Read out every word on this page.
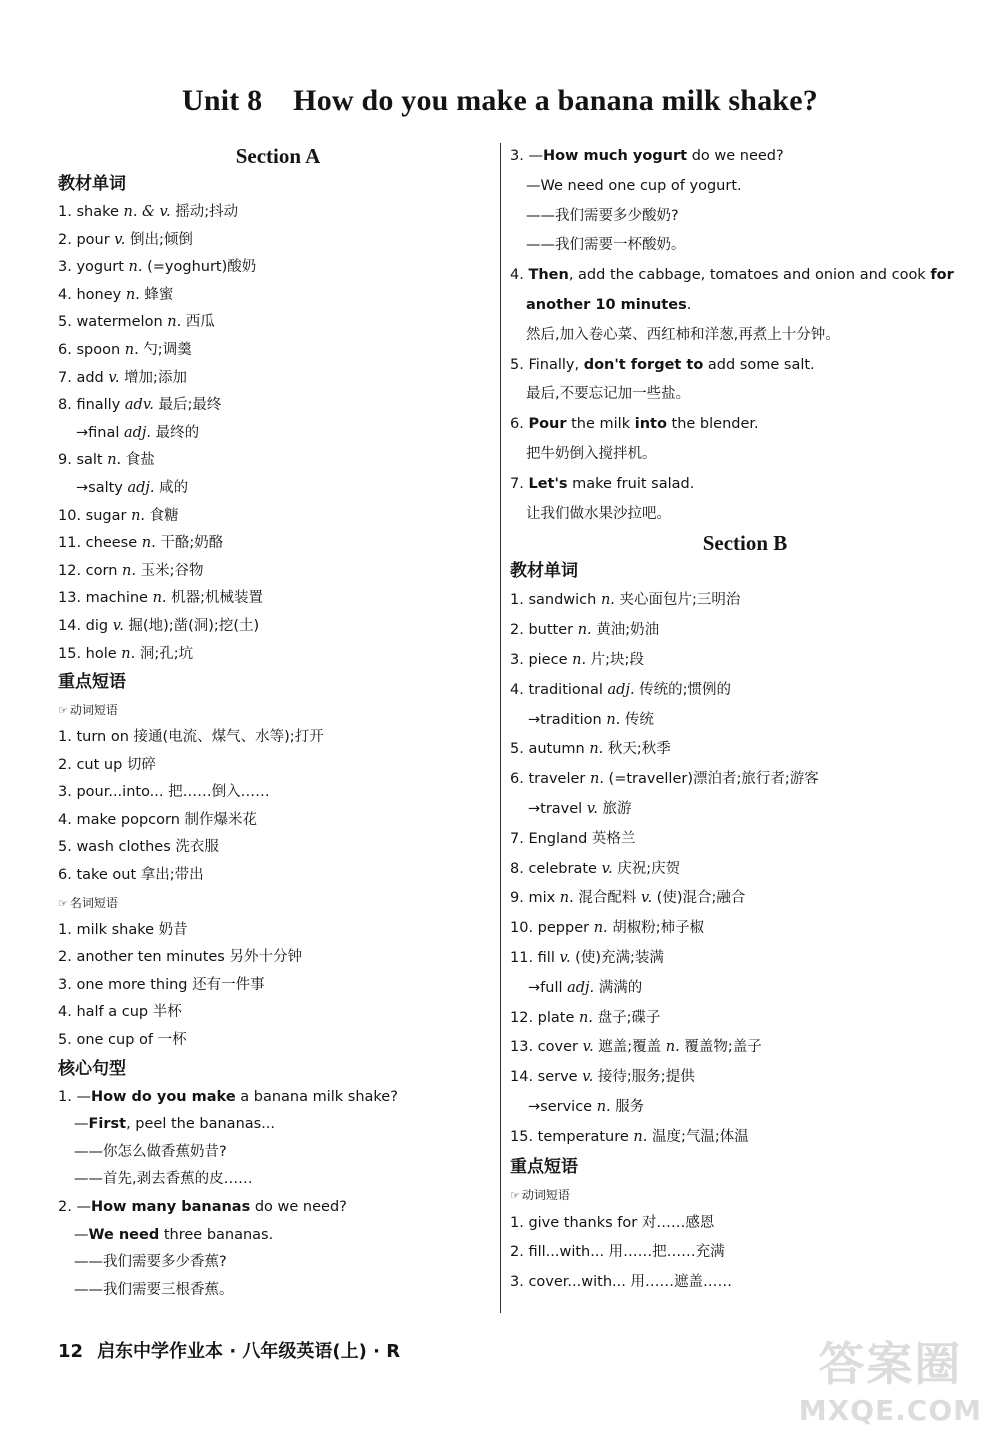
Unit 8    How do you make a banana milk shake?

Section A

教材单词

1. shake n. & v. 摇动;抖动

2. pour v. 倒出;倾倒

3. yogurt n. (=yoghurt)酸奶

4. honey n. 蜂蜜

5. watermelon n. 西瓜

6. spoon n. 勺;调羹

7. add v. 增加;添加

8. finally adv. 最后;最终

→final adj. 最终的

9. salt n. 食盐

→salty adj. 咸的

10. sugar n. 食糖

11. cheese n. 干酪;奶酪

12. corn n. 玉米;谷物

13. machine n. 机器;机械装置

14. dig v. 掘(地);凿(洞);挖(土)

15. hole n. 洞;孔;坑

重点短语

☞ 动词短语

1. turn on 接通(电流、煤气、水等);打开

2. cut up 切碎

3. pour...into... 把……倒入……

4. make popcorn 制作爆米花

5. wash clothes 洗衣服

6. take out 拿出;带出

☞ 名词短语

1. milk shake 奶昔

2. another ten minutes 另外十分钟

3. one more thing 还有一件事

4. half a cup 半杯

5. one cup of 一杯

核心句型

1. —How do you make a banana milk shake?

—First, peel the bananas...

——你怎么做香蕉奶昔?

——首先,剥去香蕉的皮……

2. —How many bananas do we need?

—We need three bananas.

——我们需要多少香蕉?

——我们需要三根香蕉。

3. —How much yogurt do we need?

—We need one cup of yogurt.

——我们需要多少酸奶?

——我们需要一杯酸奶。

4. Then, add the cabbage, tomatoes and onion and cook for

another 10 minutes.

然后,加入卷心菜、西红柿和洋葱,再煮上十分钟。

5. Finally, don't forget to add some salt.

最后,不要忘记加一些盐。

6. Pour the milk into the blender.

把牛奶倒入搅拌机。

7. Let's make fruit salad.

让我们做水果沙拉吧。

Section B

教材单词

1. sandwich n. 夹心面包片;三明治

2. butter n. 黄油;奶油

3. piece n. 片;块;段

4. traditional adj. 传统的;惯例的

→tradition n. 传统

5. autumn n. 秋天;秋季

6. traveler n. (=traveller)漂泊者;旅行者;游客

→travel v. 旅游

7. England 英格兰

8. celebrate v. 庆祝;庆贺

9. mix n. 混合配料 v. (使)混合;融合

10. pepper n. 胡椒粉;柿子椒

11. fill v. (使)充满;装满

→full adj. 满满的

12. plate n. 盘子;碟子

13. cover v. 遮盖;覆盖 n. 覆盖物;盖子

14. serve v. 接待;服务;提供

→service n. 服务

15. temperature n. 温度;气温;体温

重点短语

☞ 动词短语

1. give thanks for 对……感恩

2. fill...with... 用……把……充满

3. cover...with... 用……遮盖……

12 启东中学作业本 · 八年级英语(上) · R	答案圈
MXQE.COM
